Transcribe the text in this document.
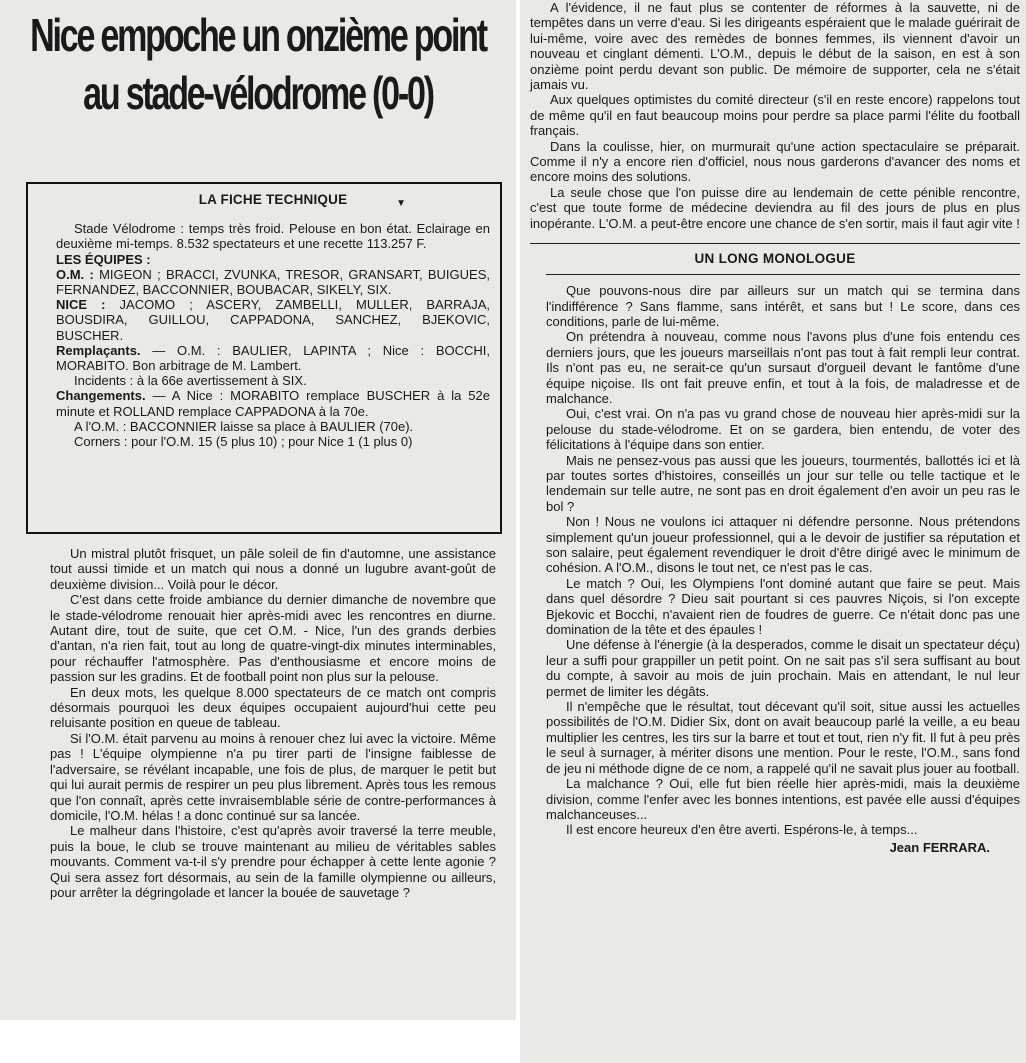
Nice empoche un onzième point
au stade-vélodrome (0-0)
LA FICHE TECHNIQUE	▼

Stade Vélodrome : temps très froid. Pelouse en bon état. Eclairage en deuxième mi-temps. 8.532 spectateurs et une recette 113.257 F.

LES ÉQUIPES :

O.M. : MIGEON ; BRACCI, ZVUNKA, TRESOR, GRANSART, BUIGUES, FERNANDEZ, BACCONNIER, BOUBACAR, SIKELY, SIX.

NICE : JACOMO ; ASCERY, ZAMBELLI, MULLER, BARRAJA, BOUSDIRA, GUILLOU, CAPPADONA, SANCHEZ, BJEKOVIC, BUSCHER.

Remplaçants. — O.M. : BAULIER, LAPINTA ; Nice : BOCCHI, MORABITO. Bon arbitrage de M. Lambert.

Incidents : à la 66e avertissement à SIX.

Changements. — A Nice : MORABITO remplace BUSCHER à la 52e minute et ROLLAND remplace CAPPADONA à la 70e.

A l'O.M. : BACCONNIER laisse sa place à BAULIER (70e).

Corners : pour l'O.M. 15 (5 plus 10) ; pour Nice 1 (1 plus 0)

Un mistral plutôt frisquet, un pâle soleil de fin d'automne, une assistance tout aussi timide et un match qui nous a donné un lugubre avant-goût de deuxième division... Voilà pour le décor.

C'est dans cette froide ambiance du dernier dimanche de novembre que le stade-vélodrome renouait hier après-midi avec les rencontres en diurne. Autant dire, tout de suite, que cet O.M. - Nice, l'un des grands derbies d'antan, n'a rien fait, tout au long de quatre-vingt-dix minutes interminables, pour réchauffer l'atmosphère. Pas d'enthousiasme et encore moins de passion sur les gradins. Et de football point non plus sur la pelouse.

En deux mots, les quelque 8.000 spectateurs de ce match ont compris désormais pourquoi les deux équipes occupaient aujourd'hui cette peu reluisante position en queue de tableau.

Si l'O.M. était parvenu au moins à renouer chez lui avec la victoire. Même pas ! L'équipe olympienne n'a pu tirer parti de l'insigne faiblesse de l'adversaire, se révélant incapable, une fois de plus, de marquer le petit but qui lui aurait permis de respirer un peu plus librement. Après tous les remous que l'on connaît, après cette invraisemblable série de contre-performances à domicile, l'O.M. hélas ! a donc continué sur sa lancée.

Le malheur dans l'histoire, c'est qu'après avoir traversé la terre meuble, puis la boue, le club se trouve maintenant au milieu de véritables sables mouvants. Comment va-t-il s'y prendre pour échapper à cette lente agonie ? Qui sera assez fort désormais, au sein de la famille olympienne ou ailleurs, pour arrêter la dégringolade et lancer la bouée de sauvetage ?

A l'évidence, il ne faut plus se contenter de réformes à la sauvette, ni de tempêtes dans un verre d'eau. Si les dirigeants espéraient que le malade guérirait de lui-même, voire avec des remèdes de bonnes femmes, ils viennent d'avoir un nouveau et cinglant démenti. L'O.M., depuis le début de la saison, en est à son onzième point perdu devant son public. De mémoire de supporter, cela ne s'était jamais vu.

Aux quelques optimistes du comité directeur (s'il en reste encore) rappelons tout de même qu'il en faut beaucoup moins pour perdre sa place parmi l'élite du football français.

Dans la coulisse, hier, on murmurait qu'une action spectaculaire se préparait. Comme il n'y a encore rien d'officiel, nous nous garderons d'avancer des noms et encore moins des solutions.

La seule chose que l'on puisse dire au lendemain de cette pénible rencontre, c'est que toute forme de médecine deviendra au fil des jours de plus en plus inopérante. L'O.M. a peut-être encore une chance de s'en sortir, mais il faut agir vite !

UN LONG MONOLOGUE

Que pouvons-nous dire par ailleurs sur un match qui se termina dans l'indifférence ? Sans flamme, sans intérêt, et sans but ! Le score, dans ces conditions, parle de lui-même.

On prétendra à nouveau, comme nous l'avons plus d'une fois entendu ces derniers jours, que les joueurs marseillais n'ont pas tout à fait rempli leur contrat. Ils n'ont pas eu, ne serait-ce qu'un sursaut d'orgueil devant le fantôme d'une équipe niçoise. Ils ont fait preuve enfin, et tout à la fois, de maladresse et de malchance.

Oui, c'est vrai. On n'a pas vu grand chose de nouveau hier après-midi sur la pelouse du stade-vélodrome. Et on se gardera, bien entendu, de voter des félicitations à l'équipe dans son entier.

Mais ne pensez-vous pas aussi que les joueurs, tourmentés, ballottés ici et là par toutes sortes d'histoires, conseillés un jour sur telle ou telle tactique et le lendemain sur telle autre, ne sont pas en droit également d'en avoir un peu ras le bol ?

Non ! Nous ne voulons ici attaquer ni défendre personne. Nous prétendons simplement qu'un joueur professionnel, qui a le devoir de justifier sa réputation et son salaire, peut également revendiquer le droit d'être dirigé avec le minimum de cohésion. A l'O.M., disons le tout net, ce n'est pas le cas.

Le match ? Oui, les Olympiens l'ont dominé autant que faire se peut. Mais dans quel désordre ? Dieu sait pourtant si ces pauvres Niçois, si l'on excepte Bjekovic et Bocchi, n'avaient rien de foudres de guerre. Ce n'était donc pas une domination de la tête et des épaules !

Une défense à l'énergie (à la desperados, comme le disait un spectateur déçu) leur a suffi pour grappiller un petit point. On ne sait pas s'il sera suffisant au bout du compte, à savoir au mois de juin prochain. Mais en attendant, le nul leur permet de limiter les dégâts.

Il n'empêche que le résultat, tout décevant qu'il soit, situe aussi les actuelles possibilités de l'O.M. Didier Six, dont on avait beaucoup parlé la veille, a eu beau multiplier les centres, les tirs sur la barre et tout et tout, rien n'y fit. Il fut à peu près le seul à surnager, à mériter disons une mention. Pour le reste, l'O.M., sans fond de jeu ni méthode digne de ce nom, a rappelé qu'il ne savait plus jouer au football.

La malchance ? Oui, elle fut bien réelle hier après-midi, mais la deuxième division, comme l'enfer avec les bonnes intentions, est pavée elle aussi d'équipes malchanceuses...

Il est encore heureux d'en être averti. Espérons-le, à temps...

Jean FERRARA.
